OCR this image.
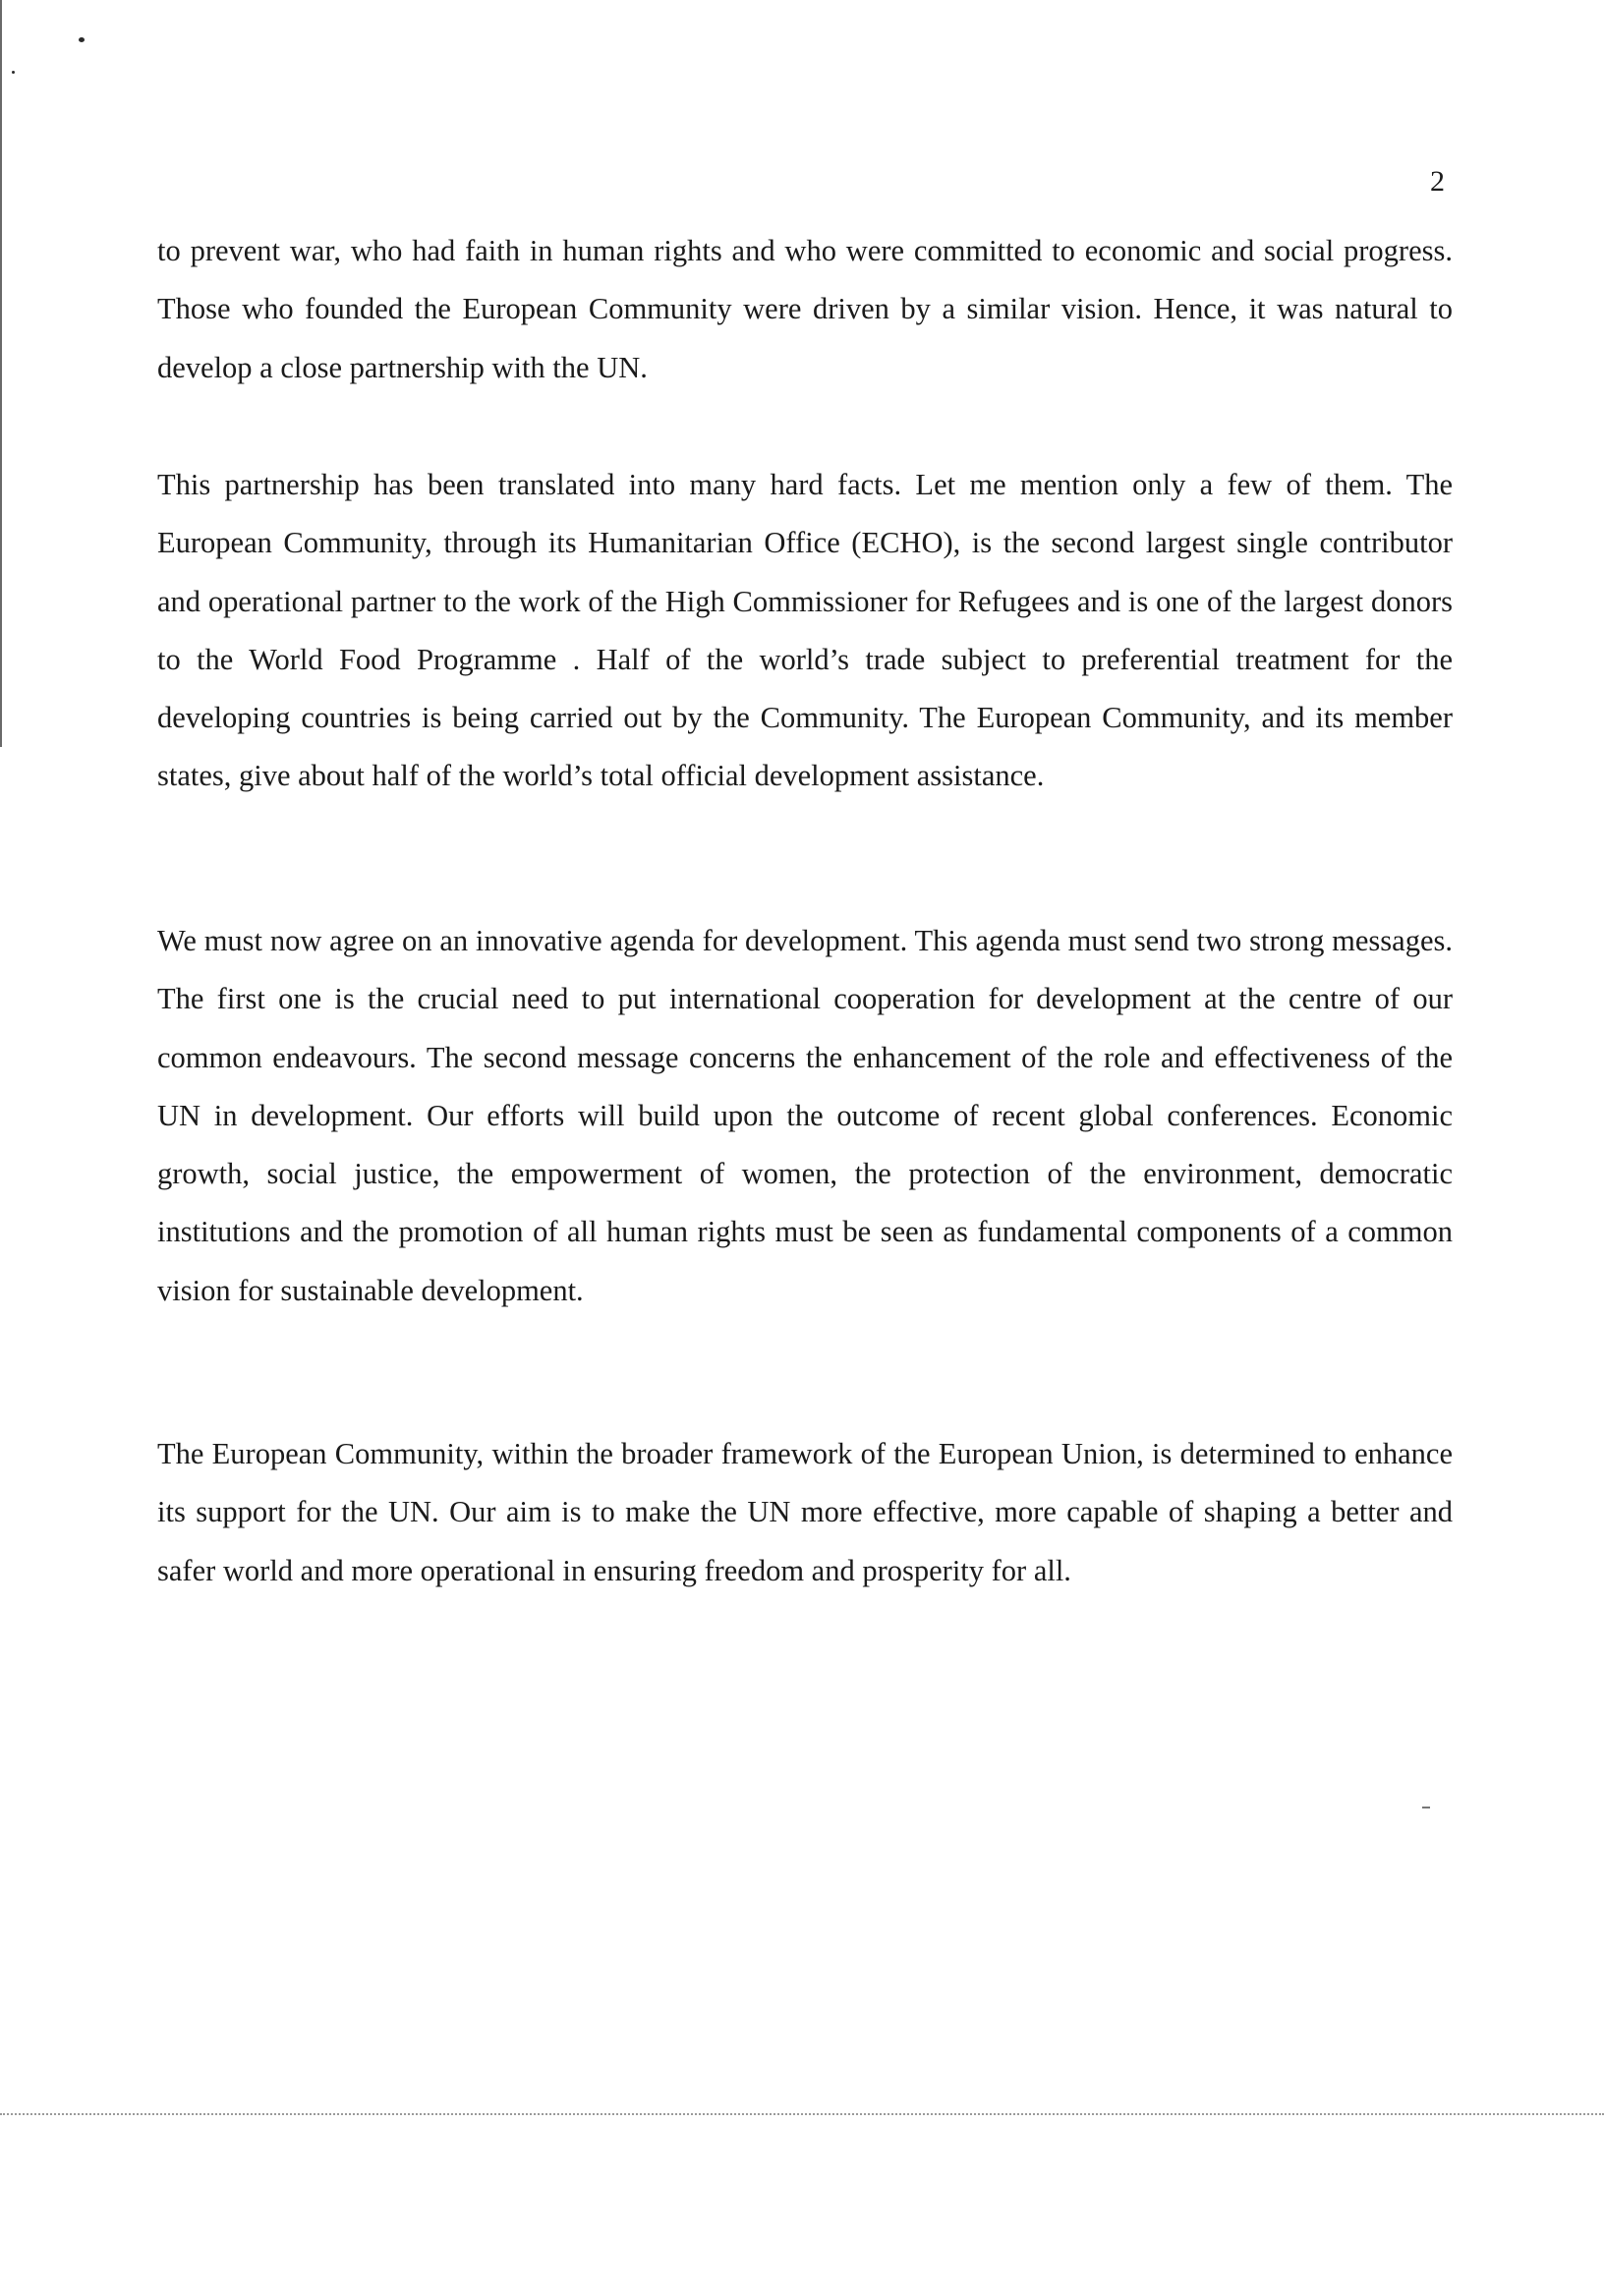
2

to prevent war, who had faith in human rights and who were committed to economic and social progress. Those who founded the European Community were driven by a similar vision. Hence, it was natural to develop a close partnership with the UN.

This partnership has been translated into many hard facts. Let me mention only a few of them. The European Community, through its Humanitarian Office (ECHO), is the second largest single contributor and operational partner to the work of the High Commissioner for Refugees and is one of the largest donors to the World Food Programme . Half of the world’s trade subject to preferential treatment for the developing countries is being carried out by the Community. The European Community, and its member states, give about half of the world’s total official development assistance.

We must now agree on an innovative agenda for development. This agenda must send two strong messages. The first one is the crucial need to put international cooperation for development at the centre of our common endeavours. The second message concerns the enhancement of the role and effectiveness of the UN in development. Our efforts will build upon the outcome of recent global conferences. Economic growth, social justice, the empowerment of women, the protection of the environment, democratic institutions and the promotion of all human rights must be seen as fundamental components of a common vision for sustainable development.

The European Community, within the broader framework of the European Union, is determined to enhance its support for the UN. Our aim is to make the UN more effective, more capable of shaping a better and safer world and more operational in ensuring freedom and prosperity for all.
